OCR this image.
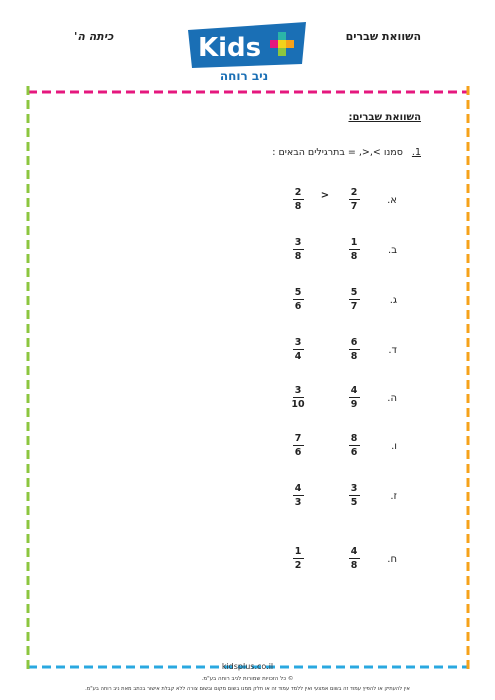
השוואת שברים
כיתה ה'	Kids
ניב רוחה
השוואת שברים:
1. סמנו >,<, = בתרגילים הבאים :
א.
2
7
>
2
8
ב.
1
8
3
8
ג.
5
7
5
6
ד.
6
8
3
4
ה.
4
9
3
10
ו.
8
6
7
6
ז.
3
5
4
3
ח.
4
8
1
2
kidsplus.co.il
© כל הזכויות שמורות לניב רוחה בע"מ.
אין להעתיק או להפיץ עמוד זה בשום אמצעי ואין ללמד עמוד זה או חלק ממנו בשום מקום ובשום צורה ללא קבלת אישור בכתב מאת ניב רוחה בע"מ.
